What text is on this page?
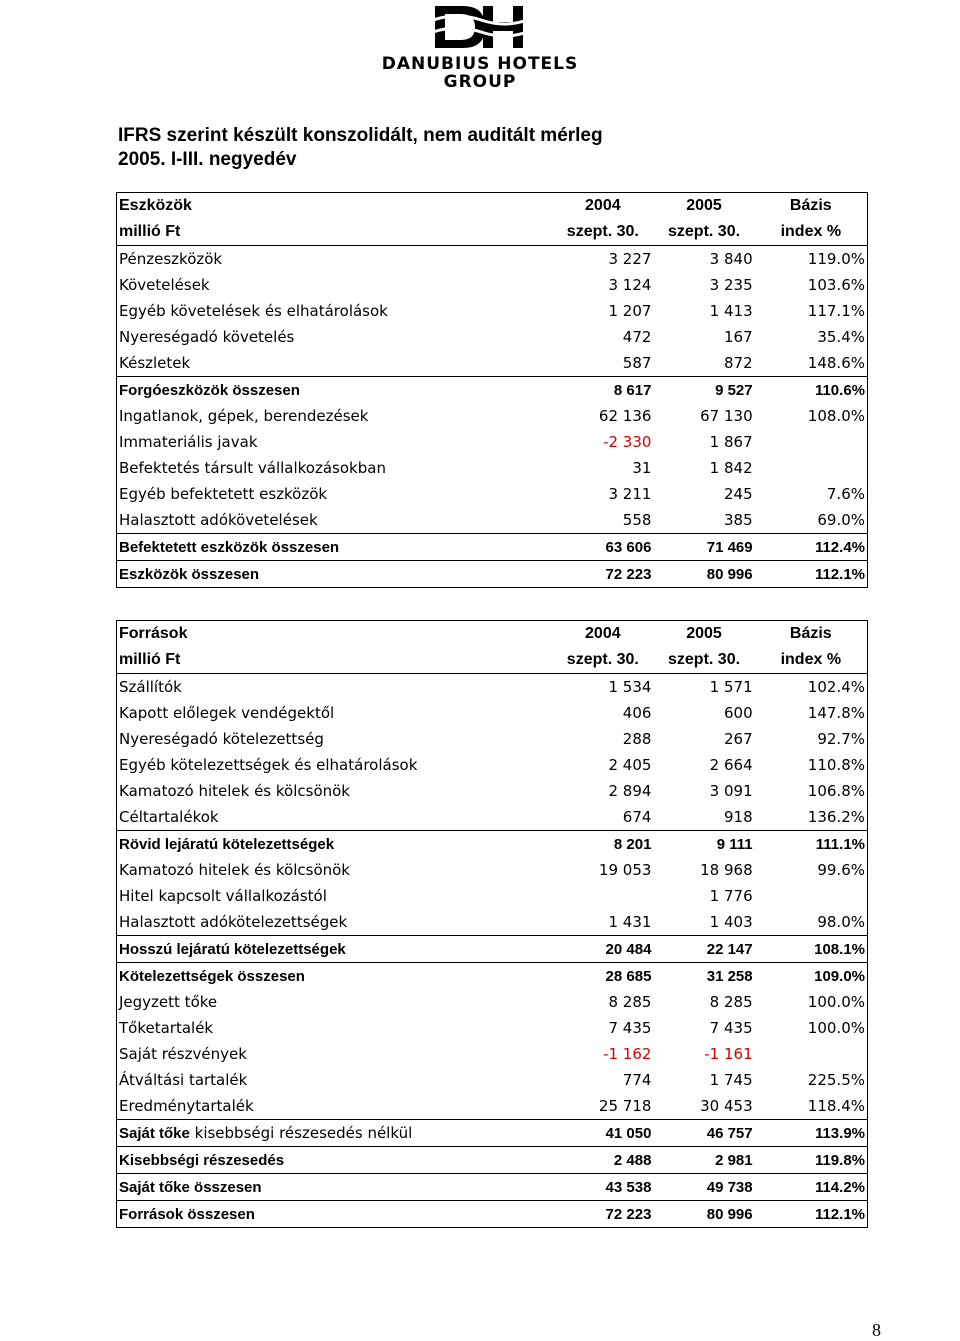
DANUBIUS HOTELS
GROUP
IFRS szerint készült konszolidált, nem auditált mérleg
2005. I-III. negyedév
Eszközök	2004	2005	Bázis
millió Ft	szept. 30.	szept. 30.	index %
Pénzeszközök	3 227	3 840	119.0%
Követelések	3 124	3 235	103.6%
Egyéb követelések és elhatárolások	1 207	1 413	117.1%
Nyereségadó követelés	472	167	35.4%
Készletek	587	872	148.6%
Forgóeszközök összesen	8 617	9 527	110.6%
Ingatlanok, gépek, berendezések	62 136	67 130	108.0%
Immateriális javak	-2 330	1 867	
Befektetés társult vállalkozásokban	31	1 842	
Egyéb befektetett eszközök	3 211	245	7.6%
Halasztott adókövetelések	558	385	69.0%
Befektetett eszközök összesen	63 606	71 469	112.4%
Eszközök összesen	72 223	80 996	112.1%
Források	2004	2005	Bázis
millió Ft	szept. 30.	szept. 30.	index %
Szállítók	1 534	1 571	102.4%
Kapott előlegek vendégektől	406	600	147.8%
Nyereségadó kötelezettség	288	267	92.7%
Egyéb kötelezettségek és elhatárolások	2 405	2 664	110.8%
Kamatozó hitelek és kölcsönök	2 894	3 091	106.8%
Céltartalékok	674	918	136.2%
Rövid lejáratú kötelezettségek	8 201	9 111	111.1%
Kamatozó hitelek és kölcsönök	19 053	18 968	99.6%
Hitel kapcsolt vállalkozástól		1 776	
Halasztott adókötelezettségek	1 431	1 403	98.0%
Hosszú lejáratú kötelezettségek	20 484	22 147	108.1%
Kötelezettségek összesen	28 685	31 258	109.0%
Jegyzett tőke	8 285	8 285	100.0%
Tőketartalék	7 435	7 435	100.0%
Saját részvények	-1 162	-1 161	
Átváltási tartalék	774	1 745	225.5%
Eredménytartalék	25 718	30 453	118.4%
Saját tőke kisebbségi részesedés nélkül	41 050	46 757	113.9%
Kisebbségi részesedés	2 488	2 981	119.8%
Saját tőke összesen	43 538	49 738	114.2%
Források összesen	72 223	80 996	112.1%
8
